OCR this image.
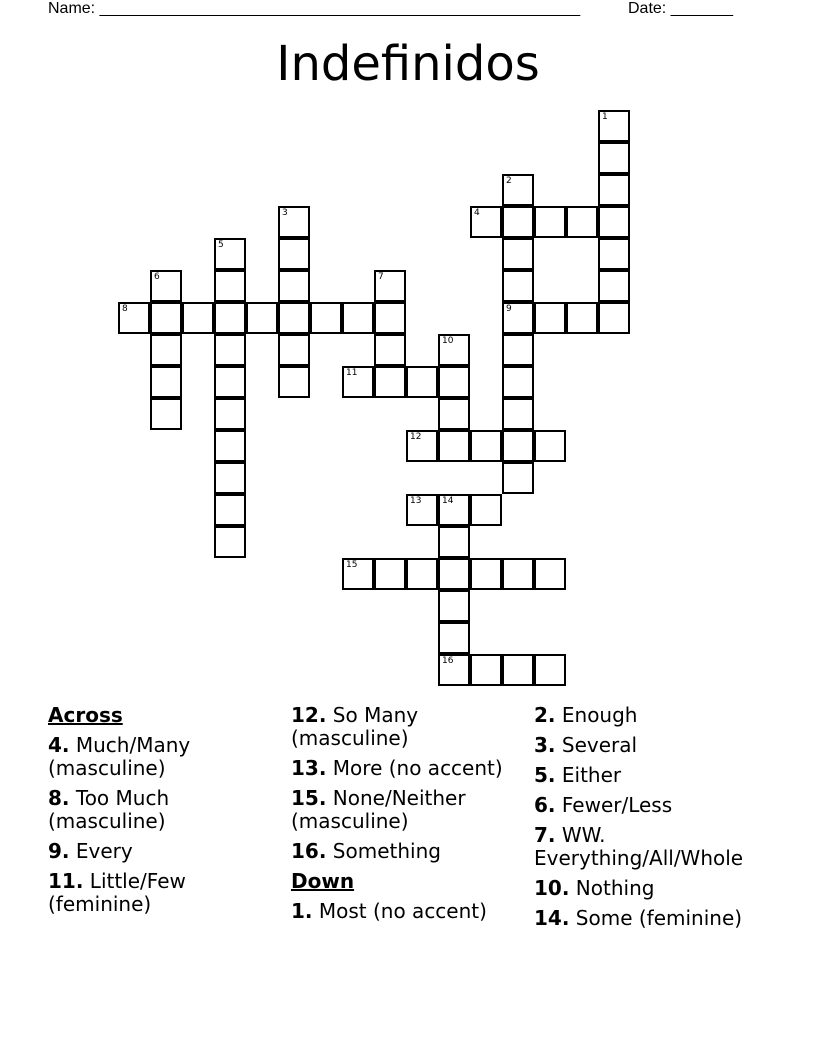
Name: ______________________________________________________	Date: _______
Indefinidos
1
2
9
3	4
5
6	7
8
10
11
12
13 14
16
15
Across
4. Much/Many (masculine)
8. Too Much (masculine)
9. Every
11. Little/Few (feminine)
12. So Many (masculine)
13. More (no accent)
15. None/Neither (masculine)
16. Something
Down
1. Most (no accent)
2. Enough
3. Several
5. Either
6. Fewer/Less
7. WW. Everything/All/Whole
10. Nothing
14. Some (feminine)
